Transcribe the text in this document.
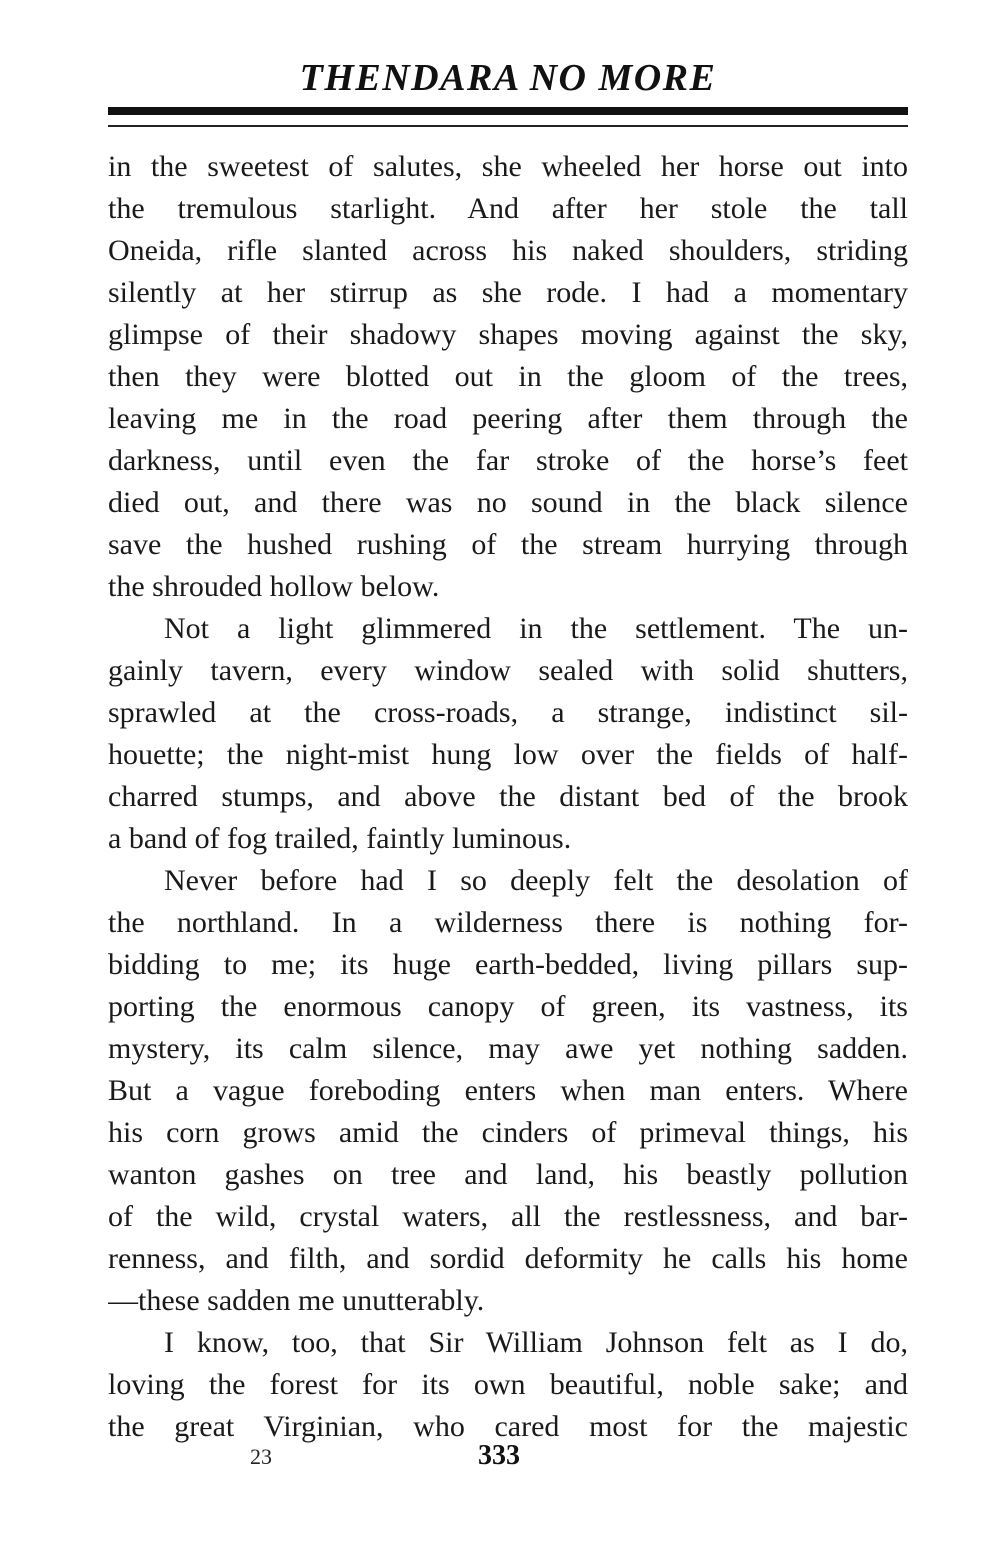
THENDARA NO MORE
in the sweetest of salutes, she wheeled her horse out into
the tremulous starlight. And after her stole the tall
Oneida, rifle slanted across his naked shoulders, striding
silently at her stirrup as she rode. I had a momentary
glimpse of their shadowy shapes moving against the sky,
then they were blotted out in the gloom of the trees,
leaving me in the road peering after them through the
darkness, until even the far stroke of the horse’s feet
died out, and there was no sound in the black silence
save the hushed rushing of the stream hurrying through
the shrouded hollow below.
Not a light glimmered in the settlement. The un-
gainly tavern, every window sealed with solid shutters,
sprawled at the cross-roads, a strange, indistinct sil-
houette; the night-mist hung low over the fields of half-
charred stumps, and above the distant bed of the brook
a band of fog trailed, faintly luminous.
Never before had I so deeply felt the desolation of
the northland. In a wilderness there is nothing for-
bidding to me; its huge earth-bedded, living pillars sup-
porting the enormous canopy of green, its vastness, its
mystery, its calm silence, may awe yet nothing sadden.
But a vague foreboding enters when man enters. Where
his corn grows amid the cinders of primeval things, his
wanton gashes on tree and land, his beastly pollution
of the wild, crystal waters, all the restlessness, and bar-
renness, and filth, and sordid deformity he calls his home
—these sadden me unutterably.
I know, too, that Sir William Johnson felt as I do,
loving the forest for its own beautiful, noble sake; and
the great Virginian, who cared most for the majestic
23	333
